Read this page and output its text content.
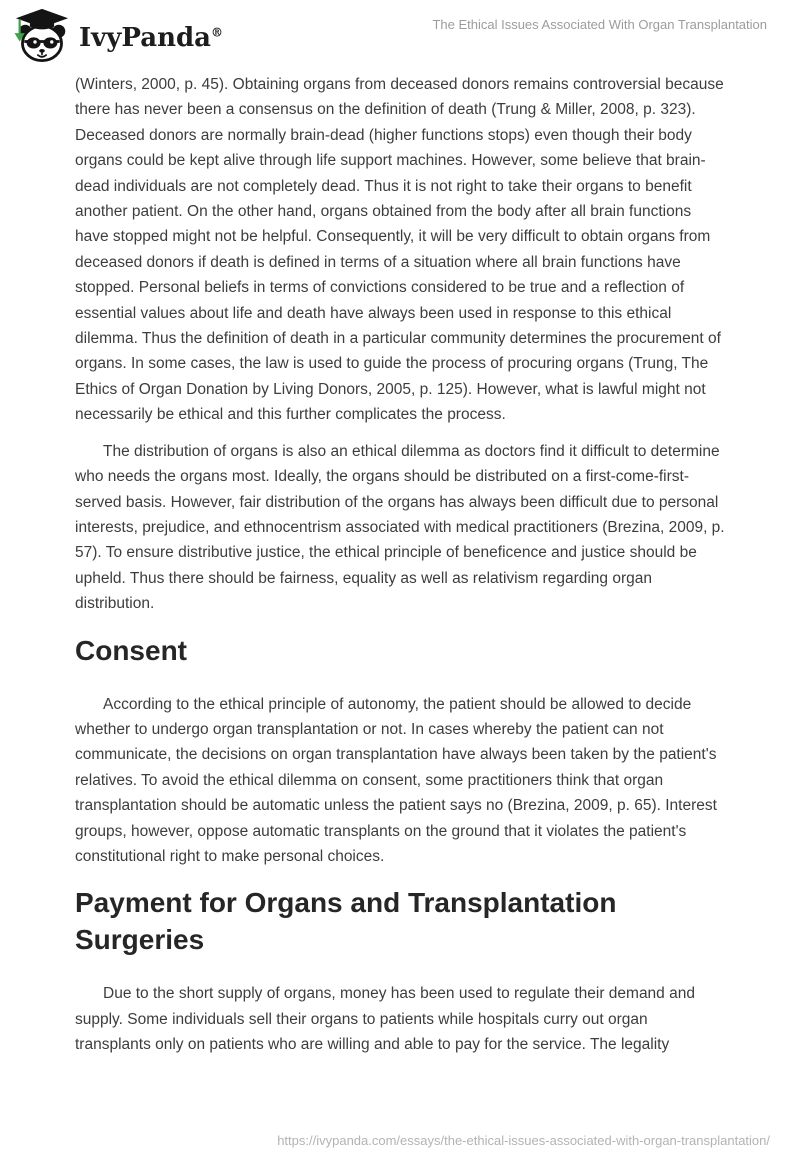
IvyPanda®
The Ethical Issues Associated With Organ Transplantation

(Winters, 2000, p. 45). Obtaining organs from deceased donors remains controversial because there has never been a consensus on the definition of death (Trung & Miller, 2008, p. 323). Deceased donors are normally brain-dead (higher functions stops) even though their body organs could be kept alive through life support machines. However, some believe that brain-dead individuals are not completely dead. Thus it is not right to take their organs to benefit another patient. On the other hand, organs obtained from the body after all brain functions have stopped might not be helpful. Consequently, it will be very difficult to obtain organs from deceased donors if death is defined in terms of a situation where all brain functions have stopped. Personal beliefs in terms of convictions considered to be true and a reflection of essential values about life and death have always been used in response to this ethical dilemma. Thus the definition of death in a particular community determines the procurement of organs. In some cases, the law is used to guide the process of procuring organs (Trung, The Ethics of Organ Donation by Living Donors, 2005, p. 125). However, what is lawful might not necessarily be ethical and this further complicates the process.

The distribution of organs is also an ethical dilemma as doctors find it difficult to determine who needs the organs most. Ideally, the organs should be distributed on a first-come-first-served basis. However, fair distribution of the organs has always been difficult due to personal interests, prejudice, and ethnocentrism associated with medical practitioners (Brezina, 2009, p. 57). To ensure distributive justice, the ethical principle of beneficence and justice should be upheld. Thus there should be fairness, equality as well as relativism regarding organ distribution.

Consent

According to the ethical principle of autonomy, the patient should be allowed to decide whether to undergo organ transplantation or not. In cases whereby the patient can not communicate, the decisions on organ transplantation have always been taken by the patient's relatives. To avoid the ethical dilemma on consent, some practitioners think that organ transplantation should be automatic unless the patient says no (Brezina, 2009, p. 65). Interest groups, however, oppose automatic transplants on the ground that it violates the patient's constitutional right to make personal choices.

Payment for Organs and Transplantation Surgeries

Due to the short supply of organs, money has been used to regulate their demand and supply. Some individuals sell their organs to patients while hospitals curry out organ transplants only on patients who are willing and able to pay for the service. The legality

https://ivypanda.com/essays/the-ethical-issues-associated-with-organ-transplantation/
